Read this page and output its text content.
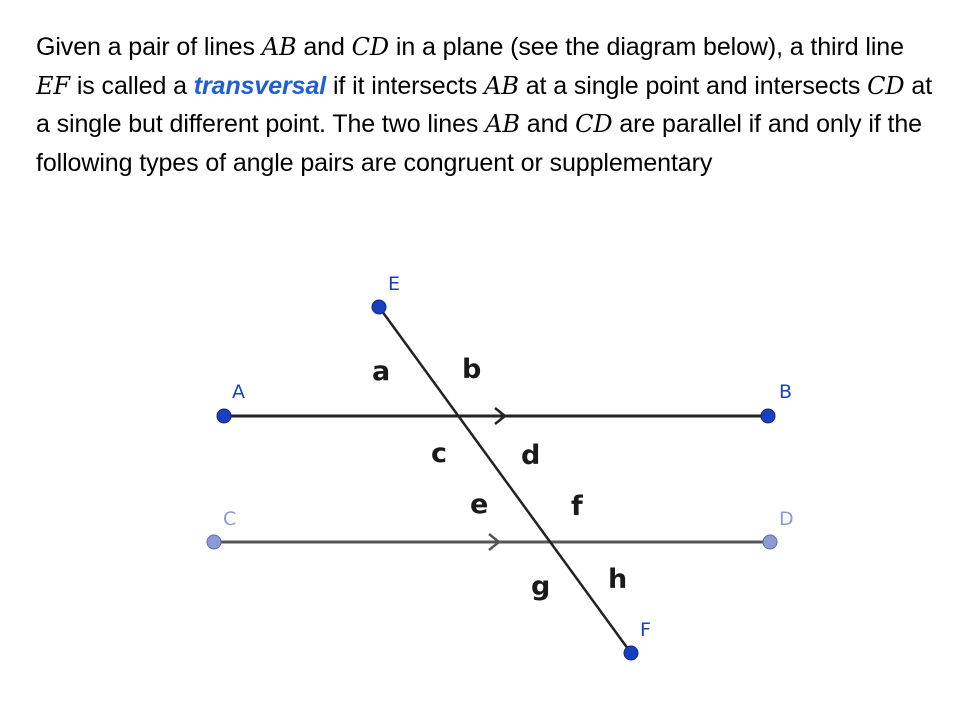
Given a pair of lines AB and CD in a plane (see the diagram below), a third line EF is called a transversal if it intersects AB at a single point and intersects CD at a single but different point. The two lines AB and CD are parallel if and only if the following types of angle pairs are congruent or supplementary

E
A	B
C	D
F
a	b
c	d
e	f
g h
